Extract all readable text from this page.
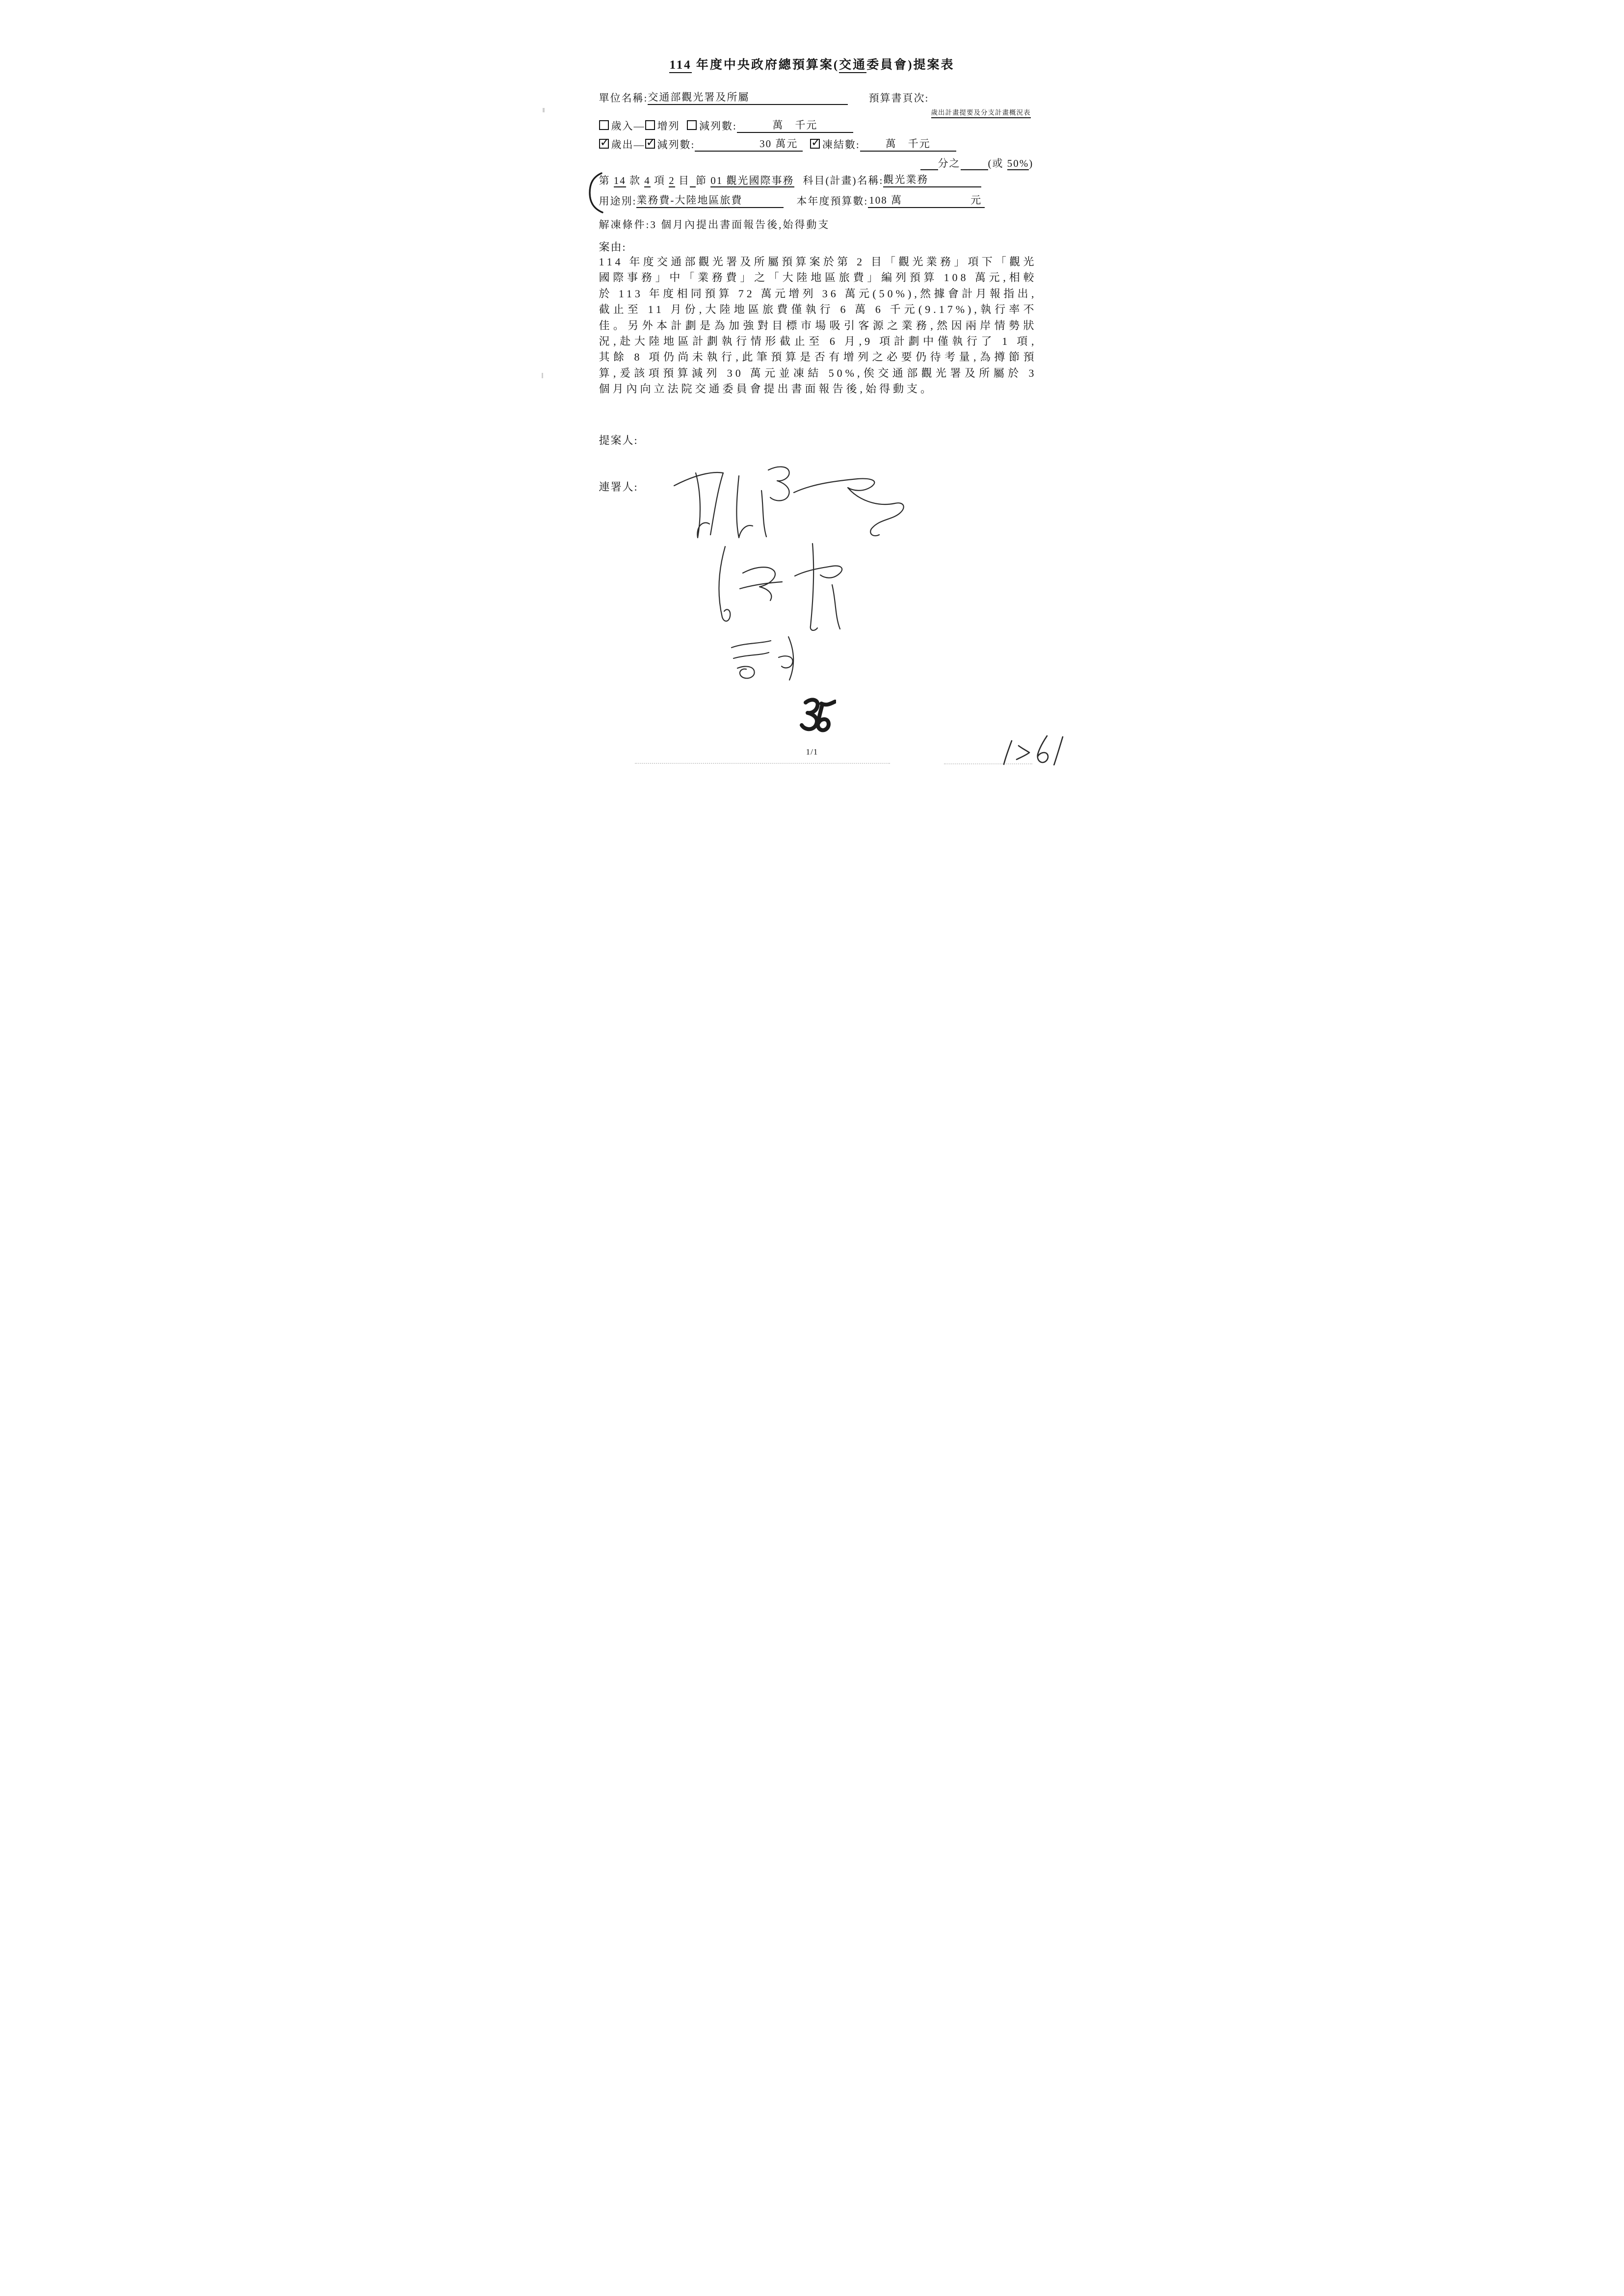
114 年度中央政府總預算案(交通委員會)提案表
單位名稱:交通部觀光署及所屬	預算書頁次:
歲出計畫提要及分支計畫概況表
歲入— 增列 減列數:	萬　千元
✓歲出— ✓ 減列數:	30 萬元 ✓ 凍結數: 萬　千元
分之	(或 50%)
第 14 款 4 項 2 目 節 01 觀光國際事務 科目(計畫)名稱:觀光業務
用途別:業務費-大陸地區旅費	本年度預算數: 108 萬	元
解凍條件:3 個月內提出書面報告後,始得動支
案由:
114 年度交通部觀光署及所屬預算案於第 2 目「觀光業務」項下「觀光
國際事務」中「業務費」之「大陸地區旅費」編列預算 108 萬元,相較
於 113 年度相同預算 72 萬元增列 36 萬元(50%),然據會計月報指出,
截止至 11 月份,大陸地區旅費僅執行 6 萬 6 千元(9.17%),執行率不
佳。另外本計劃是為加強對目標市場吸引客源之業務,然因兩岸情勢狀
況,赴大陸地區計劃執行情形截止至 6 月,9 項計劃中僅執行了 1 項,
其餘 8 項仍尚未執行,此筆預算是否有增列之必要仍待考量,為撙節預
算,爰該項預算減列 30 萬元並凍結 50%,俟交通部觀光署及所屬於 3
個月內向立法院交通委員會提出書面報告後,始得動支。
提案人:
連署人:
1/1
